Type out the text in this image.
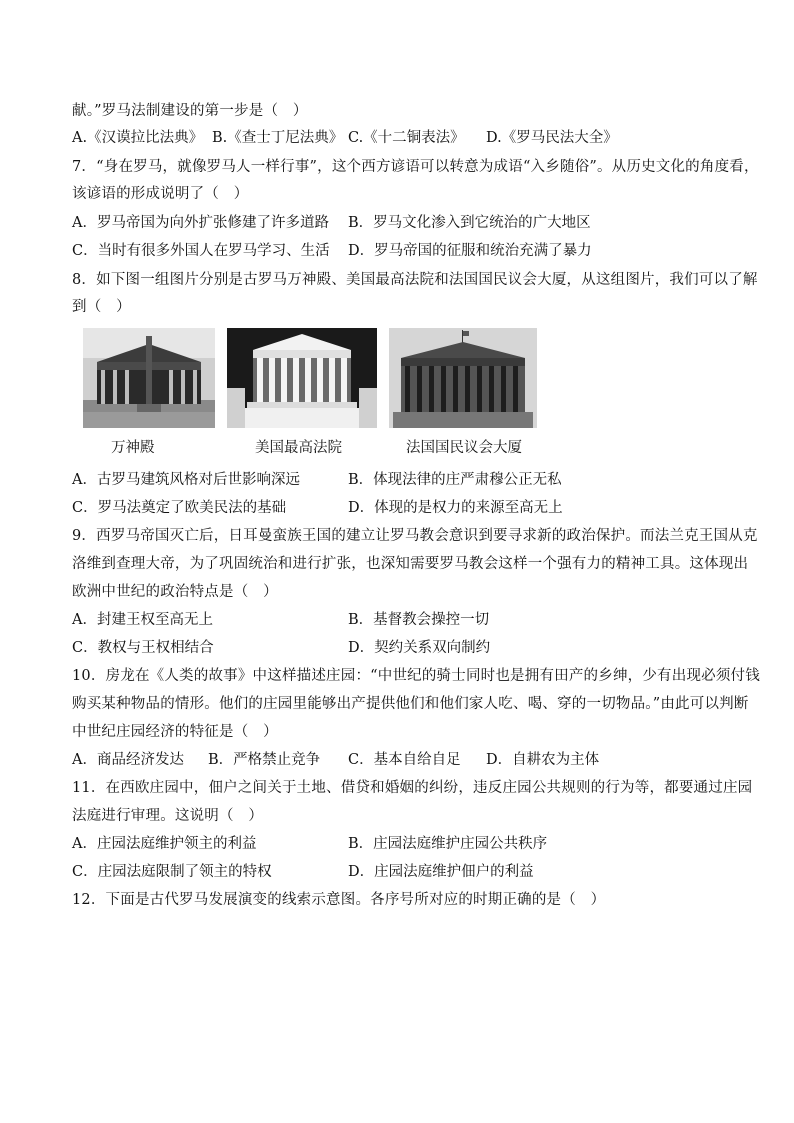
献。”罗马法制建设的第一步是（　）
A.《汉谟拉比法典》 B.《查士丁尼法典》 C.《十二铜表法》 D.《罗马民法大全》
7．“身在罗马，就像罗马人一样行事”，这个西方谚语可以转意为成语“入乡随俗”。从历史文化的角度看，
该谚语的形成说明了（　）
A．罗马帝国为向外扩张修建了许多道路 B．罗马文化渗入到它统治的广大地区
C．当时有很多外国人在罗马学习、生活 D．罗马帝国的征服和统治充满了暴力
8．如下图一组图片分别是古罗马万神殿、美国最高法院和法国国民议会大厦，从这组图片，我们可以了解
到（　）
万神殿	美国最高法院	法国国民议会大厦
A．古罗马建筑风格对后世影响深远	B．体现法律的庄严肃穆公正无私
C．罗马法奠定了欧美民法的基础	D．体现的是权力的来源至高无上
9．西罗马帝国灭亡后，日耳曼蛮族王国的建立让罗马教会意识到要寻求新的政治保护。而法兰克王国从克
洛维到查理大帝，为了巩固统治和进行扩张，也深知需要罗马教会这样一个强有力的精神工具。这体现出
欧洲中世纪的政治特点是（　）
A．封建王权至高无上	B．基督教会操控一切
C．教权与王权相结合	D．契约关系双向制约
10．房龙在《人类的故事》中这样描述庄园：“中世纪的骑士同时也是拥有田产的乡绅，少有出现必须付钱
购买某种物品的情形。他们的庄园里能够出产提供他们和他们家人吃、喝、穿的一切物品。”由此可以判断
中世纪庄园经济的特征是（　）
A．商品经济发达 B．严格禁止竞争 C．基本自给自足 D．自耕农为主体
11．在西欧庄园中，佃户之间关于土地、借贷和婚姻的纠纷，违反庄园公共规则的行为等，都要通过庄园
法庭进行审理。这说明（　）
A．庄园法庭维护领主的利益	B．庄园法庭维护庄园公共秩序
C．庄园法庭限制了领主的特权	D．庄园法庭维护佃户的利益
12．下面是古代罗马发展演变的线索示意图。各序号所对应的时期正确的是（　）
